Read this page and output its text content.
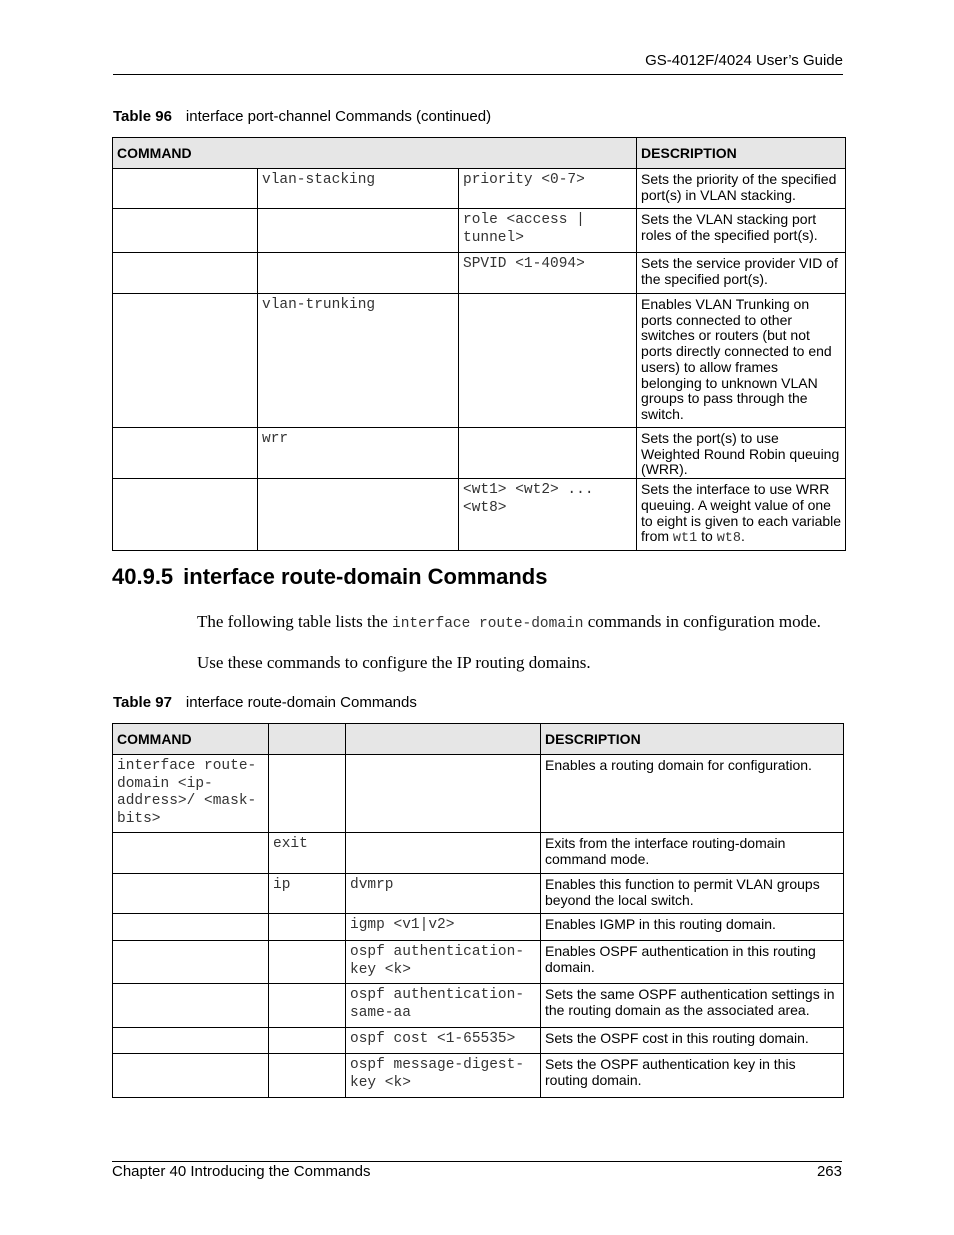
GS-4012F/4024 User’s Guide
Table 96 interface port-channel Commands (continued)
COMMAND			DESCRIPTION
	vlan-stacking	priority <0-7>	Sets the priority of the specified port(s) in VLAN stacking.
		role <access | tunnel>	Sets the VLAN stacking port roles of the specified port(s).
		SPVID <1-4094>	Sets the service provider VID of the specified port(s).
	vlan-trunking		Enables VLAN Trunking on ports connected to other switches or routers (but not ports directly connected to end users) to allow frames belonging to unknown VLAN groups to pass through the switch.
	wrr		Sets the port(s) to use Weighted Round Robin queuing (WRR).
		<wt1> <wt2> ... <wt8>	Sets the interface to use WRR queuing. A weight value of one to eight is given to each variable from wt1 to wt8.
40.9.5 interface route-domain Commands
The following table lists the interface route-domain commands in configuration mode.
Use these commands to configure the IP routing domains.
Table 97 interface route-domain Commands
COMMAND			DESCRIPTION
interface route-domain <ip-address>/ <mask-bits>			Enables a routing domain for configuration.
	exit		Exits from the interface routing-domain command mode.
	ip	dvmrp	Enables this function to permit VLAN groups beyond the local switch.
		igmp <v1|v2>	Enables IGMP in this routing domain.
		ospf authentication-key <k>	Enables OSPF authentication in this routing domain.
		ospf authentication-same-aa	Sets the same OSPF authentication settings in the routing domain as the associated area.
		ospf cost <1-65535>	Sets the OSPF cost in this routing domain.
		ospf message-digest-key <k>	Sets the OSPF authentication key in this routing domain.
Chapter 40 Introducing the Commands	263
